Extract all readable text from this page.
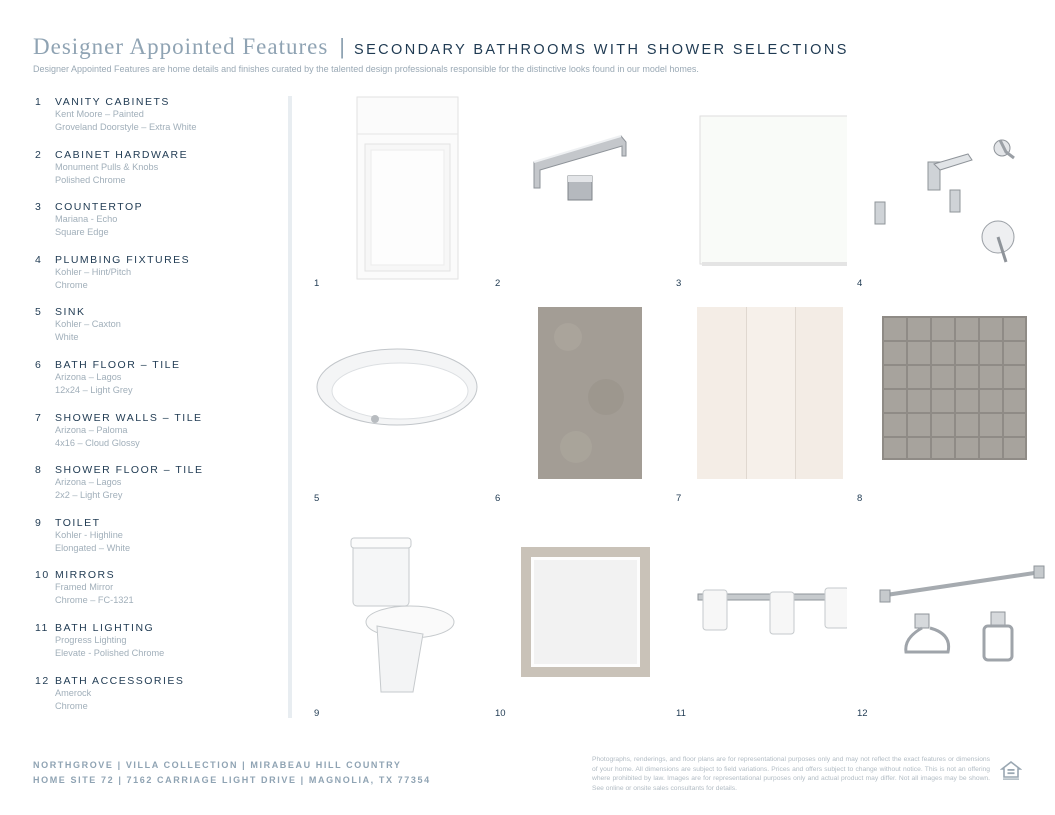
Designer Appointed Features | SECONDARY BATHROOMS WITH SHOWER SELECTIONS
Designer Appointed Features are home details and finishes curated by the talented design professionals responsible for the distinctive looks found in our model homes.
1	VANITY CABINETS
Kent Moore – Painted
Groveland Doorstyle – Extra White
2	CABINET HARDWARE
Monument Pulls & Knobs
Polished Chrome
3	COUNTERTOP
Mariana - Echo
Square Edge
4	PLUMBING FIXTURES
Kohler – Hint/Pitch
Chrome
5	SINK
Kohler – Caxton
White
6	BATH FLOOR – TILE
Arizona – Lagos
12x24 – Light Grey
7	SHOWER WALLS – TILE
Arizona – Paloma
4x16 – Cloud Glossy
8	SHOWER FLOOR – TILE
Arizona – Lagos
2x2 – Light Grey
9	TOILET
Kohler - Highline
Elongated – White
10 MIRRORS
Framed Mirror
Chrome – FC-1321
11 BATH LIGHTING
Progress Lighting
Elevate - Polished Chrome
12 BATH ACCESSORIES
Amerock
Chrome
1	2	3	4
5	6	7	8
9	10	11	12
NORTHGROVE | VILLA COLLECTION | MIRABEAU HILL COUNTRY
HOME SITE 72 | 7162 CARRIAGE LIGHT DRIVE | MAGNOLIA, TX 77354
Photographs, renderings, and floor plans are for representational purposes only and may not reflect the exact features or dimensions of your home. All dimensions are subject to field variations. Prices and offers subject to change without notice. This is not an offering where prohibited by law. Images are for representational purposes only and actual product may differ. Not all images may be shown. See online or onsite sales consultants for details.
